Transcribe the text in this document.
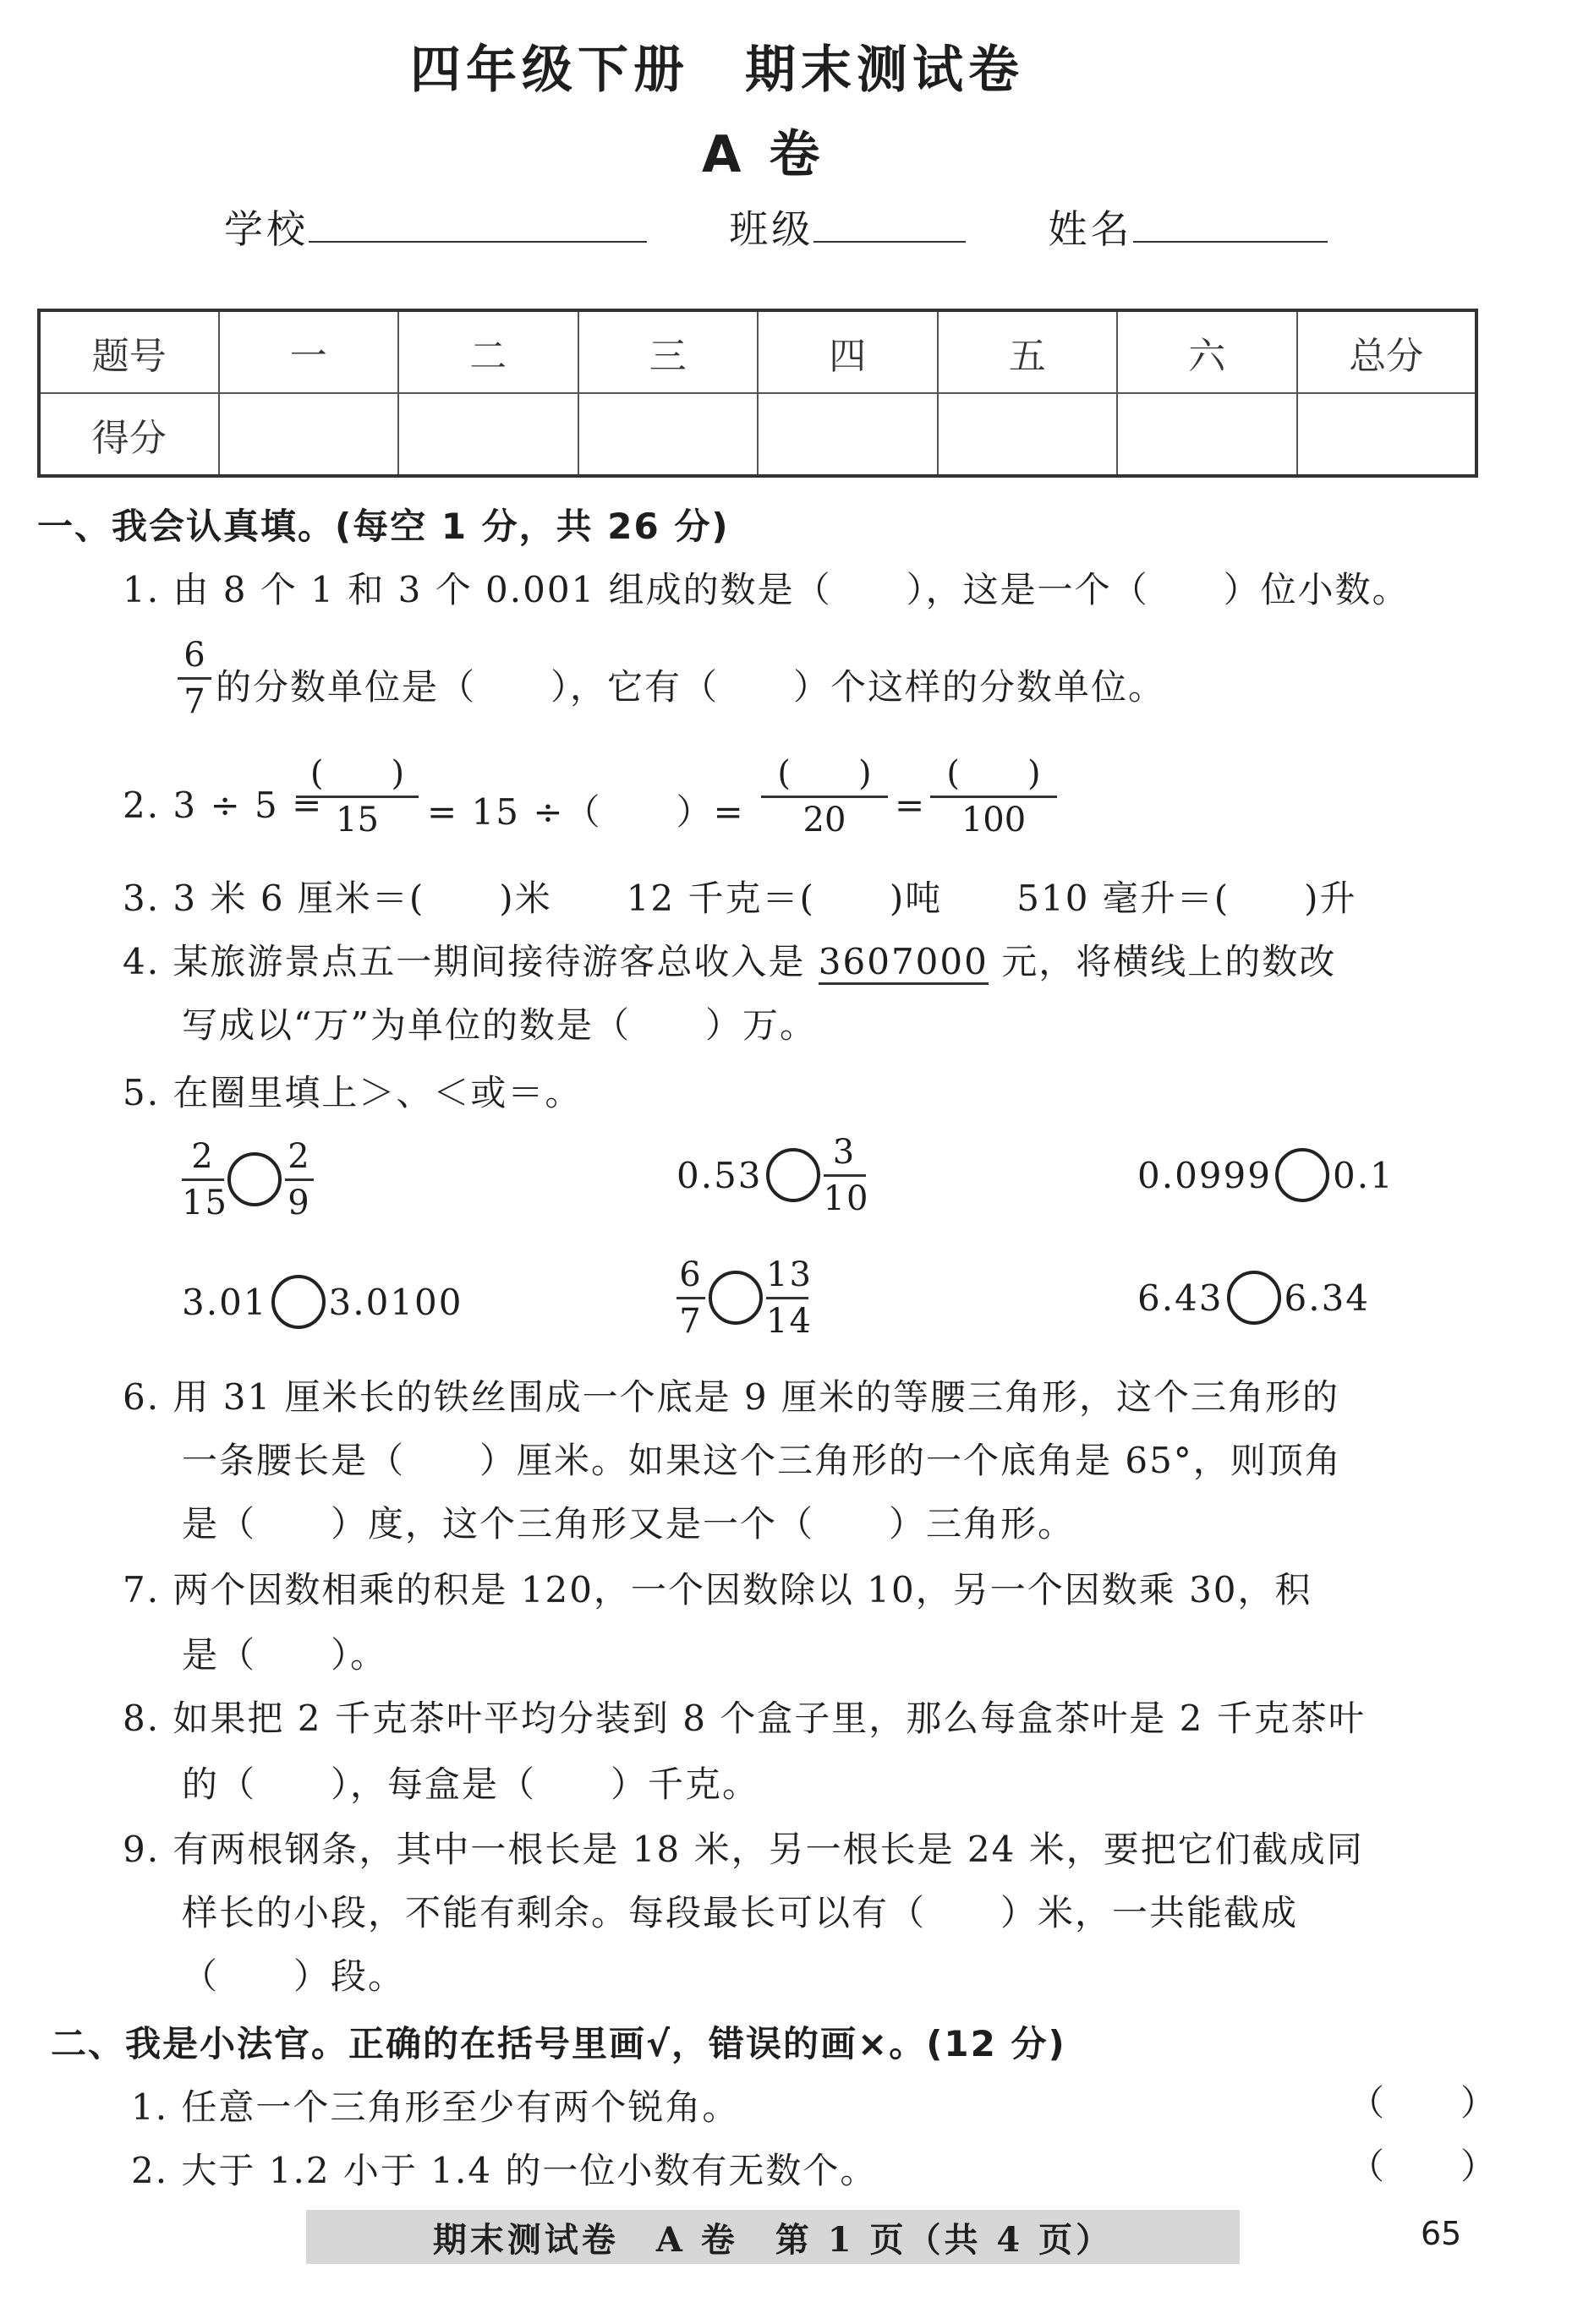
四年级下册　期末测试卷
A 卷
学校	班级	姓名
题号	一	二	三	四	五	六	总分
得分							
一、我会认真填。(每空 1 分，共 26 分)
1. 由 8 个 1 和 3 个 0.001 组成的数是（　　），这是一个（　　）位小数。
6
7 的分数单位是（　　），它有（　　）个这样的分数单位。
2. 3 ÷ 5 =
(　　)
15	= 15 ÷（　　）=
(　　)
20	=
(　　)
100
3. 3 米 6 厘米＝(　　)米　　12 千克＝(　　)吨　　510 毫升＝(　　)升
4. 某旅游景点五一期间接待游客总收入是 3607000 元，将横线上的数改
写成以“万”为单位的数是（　　）万。
5. 在圈里填上＞、＜或＝。
$\frac{2}{15} \frac{2}{9}$	$0.53 \frac{3}{10}$	0.0999 0.1
3.01 3.0100	$\frac{6}{7} \frac{13}{14}$	6.43 6.34
6. 用 31 厘米长的铁丝围成一个底是 9 厘米的等腰三角形，这个三角形的
一条腰长是（　　）厘米。如果这个三角形的一个底角是 65°，则顶角
是（　　）度，这个三角形又是一个（　　）三角形。
7. 两个因数相乘的积是 120，一个因数除以 10，另一个因数乘 30，积
是（　　）。
8. 如果把 2 千克茶叶平均分装到 8 个盒子里，那么每盒茶叶是 2 千克茶叶
的（　　），每盒是（　　）千克。
9. 有两根钢条，其中一根长是 18 米，另一根长是 24 米，要把它们截成同
样长的小段，不能有剩余。每段最长可以有（　　）米，一共能截成
（　　）段。
二、我是小法官。正确的在括号里画√，错误的画×。(12 分)
1. 任意一个三角形至少有两个锐角。	（　　）
2. 大于 1.2 小于 1.4 的一位小数有无数个。	（　　）
期末测试卷　A 卷　第 1 页（共 4 页）	65
